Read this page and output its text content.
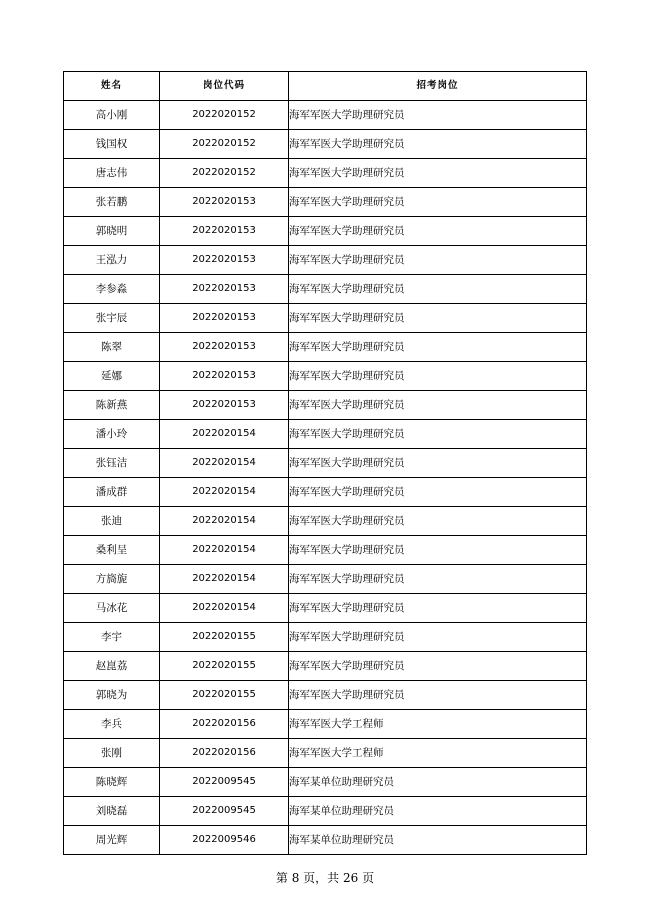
姓名	岗位代码	招考岗位
高小刚	2022020152	海军军医大学助理研究员
钱国权	2022020152	海军军医大学助理研究员
唐志伟	2022020152	海军军医大学助理研究员
张若鹏	2022020153	海军军医大学助理研究员
郭晓明	2022020153	海军军医大学助理研究员
王泓力	2022020153	海军军医大学助理研究员
李参淼	2022020153	海军军医大学助理研究员
张宇辰	2022020153	海军军医大学助理研究员
陈翠	2022020153	海军军医大学助理研究员
延娜	2022020153	海军军医大学助理研究员
陈新燕	2022020153	海军军医大学助理研究员
潘小玲	2022020154	海军军医大学助理研究员
张钰洁	2022020154	海军军医大学助理研究员
潘成群	2022020154	海军军医大学助理研究员
张迪	2022020154	海军军医大学助理研究员
桑利呈	2022020154	海军军医大学助理研究员
方旖旎	2022020154	海军军医大学助理研究员
马冰花	2022020154	海军军医大学助理研究员
李宇	2022020155	海军军医大学助理研究员
赵崑荔	2022020155	海军军医大学助理研究员
郭晓为	2022020155	海军军医大学助理研究员
李兵	2022020156	海军军医大学工程师
张刚	2022020156	海军军医大学工程师
陈晓辉	2022009545	海军某单位助理研究员
刘晓磊	2022009545	海军某单位助理研究员
周光辉	2022009546	海军某单位助理研究员
第 8 页，共 26 页
